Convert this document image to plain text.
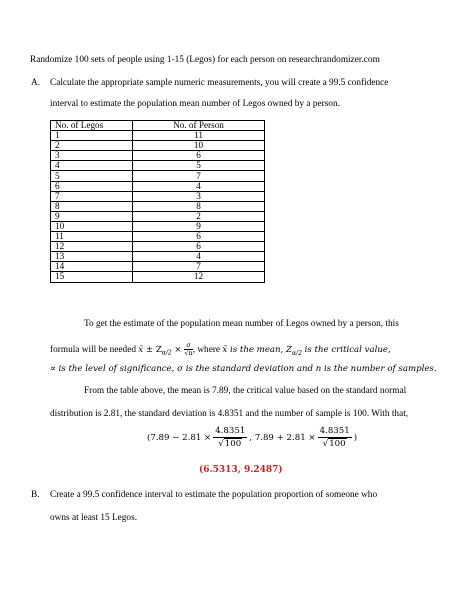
Randomize 100 sets of people using 1-15 (Legos) for each person on researchrandomizer.com
A. Calculate the appropriate sample numeric measurements, you will create a 99.5 confidence
interval to estimate the population mean number of Legos owned by a person.
No. of Legos	No. of Person
1	11
2	10
3	6
4	5
5	7
6	4
7	3
8	8
9	2
10	9
11	6
12	6
13	4
14	7
15	12
To get the estimate of the population mean number of Legos owned by a person, this
formula will be needed x̄ ± $Z_{\alpha/2} \times \frac{\sigma}{√n}$ , where x̄ is the mean, $Z_{\alpha/2}$ is the critical value,
∝ is the level of significance, σ is the standard deviation and n is the number of samples.
From the table above, the mean is 7.89, the critical value based on the standard normal
distribution is 2.81, the standard deviation is 4.8351 and the number of sample is 100. With that,
($7.89 - 2.81 \times \frac{4.8351}{√ 100}$ , $7.89 + 2.81 \times \frac{4.8351}{√ 100}$ )
(6.5313, 9.2487)
B. Create a 99.5 confidence interval to estimate the population proportion of someone who
owns at least 15 Legos.
